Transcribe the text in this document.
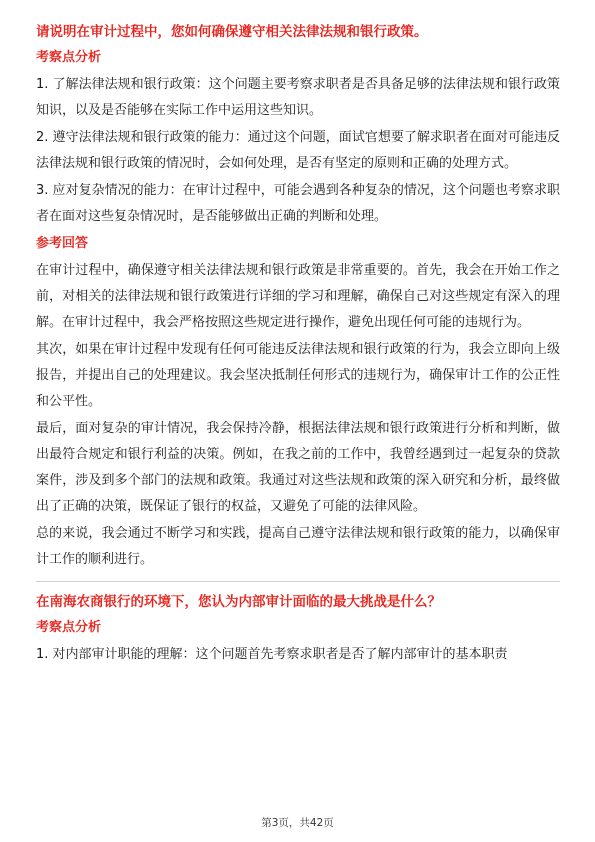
请说明在审计过程中，您如何确保遵守相关法律法规和银行政策。
考察点分析
1. 了解法律法规和银行政策：这个问题主要考察求职者是否具备足够的法律法规和银行政策知识，以及是否能够在实际工作中运用这些知识。
2. 遵守法律法规和银行政策的能力：通过这个问题，面试官想要了解求职者在面对可能违反法律法规和银行政策的情况时，会如何处理，是否有坚定的原则和正确的处理方式。
3. 应对复杂情况的能力：在审计过程中，可能会遇到各种复杂的情况，这个问题也考察求职者在面对这些复杂情况时，是否能够做出正确的判断和处理。
参考回答
在审计过程中，确保遵守相关法律法规和银行政策是非常重要的。首先，我会在开始工作之前，对相关的法律法规和银行政策进行详细的学习和理解，确保自己对这些规定有深入的理解。在审计过程中，我会严格按照这些规定进行操作，避免出现任何可能的违规行为。
其次，如果在审计过程中发现有任何可能违反法律法规和银行政策的行为，我会立即向上级报告，并提出自己的处理建议。我会坚决抵制任何形式的违规行为，确保审计工作的公正性和公平性。
最后，面对复杂的审计情况，我会保持冷静，根据法律法规和银行政策进行分析和判断，做出最符合规定和银行利益的决策。例如，在我之前的工作中，我曾经遇到过一起复杂的贷款案件，涉及到多个部门的法规和政策。我通过对这些法规和政策的深入研究和分析，最终做出了正确的决策，既保证了银行的权益，又避免了可能的法律风险。
总的来说，我会通过不断学习和实践，提高自己遵守法律法规和银行政策的能力，以确保审计工作的顺利进行。
在南海农商银行的环境下，您认为内部审计面临的最大挑战是什么？
考察点分析
1. 对内部审计职能的理解：这个问题首先考察求职者是否了解内部审计的基本职责
第3页，共42页
